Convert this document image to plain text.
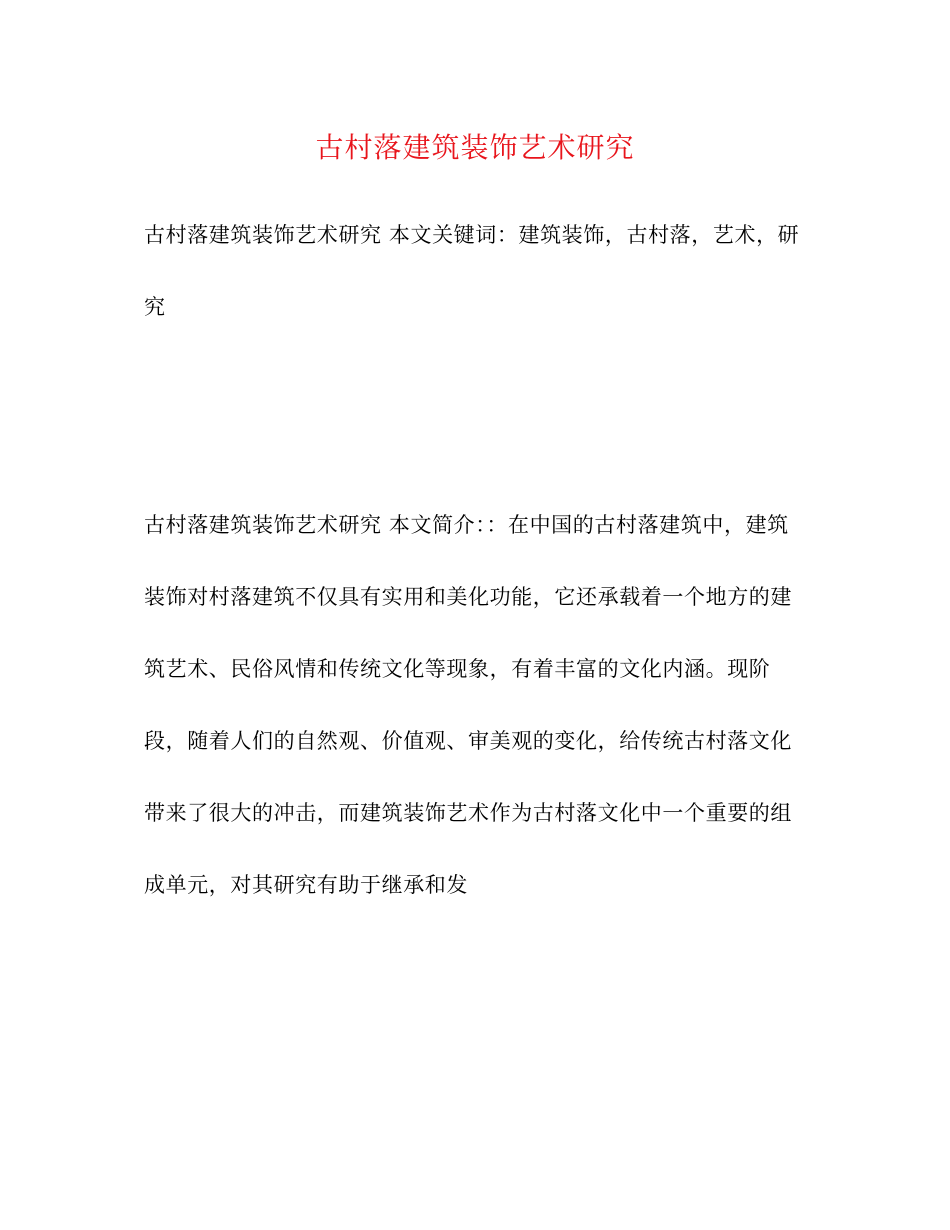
古村落建筑装饰艺术研究
古村落建筑装饰艺术研究 本文关键词：建筑装饰，古村落，艺术，研
究
古村落建筑装饰艺术研究 本文简介：：在中国的古村落建筑中，建筑
装饰对村落建筑不仅具有实用和美化功能，它还承载着一个地方的建
筑艺术、民俗风情和传统文化等现象，有着丰富的文化内涵。现阶
段，随着人们的自然观、价值观、审美观的变化，给传统古村落文化
带来了很大的冲击，而建筑装饰艺术作为古村落文化中一个重要的组
成单元，对其研究有助于继承和发
